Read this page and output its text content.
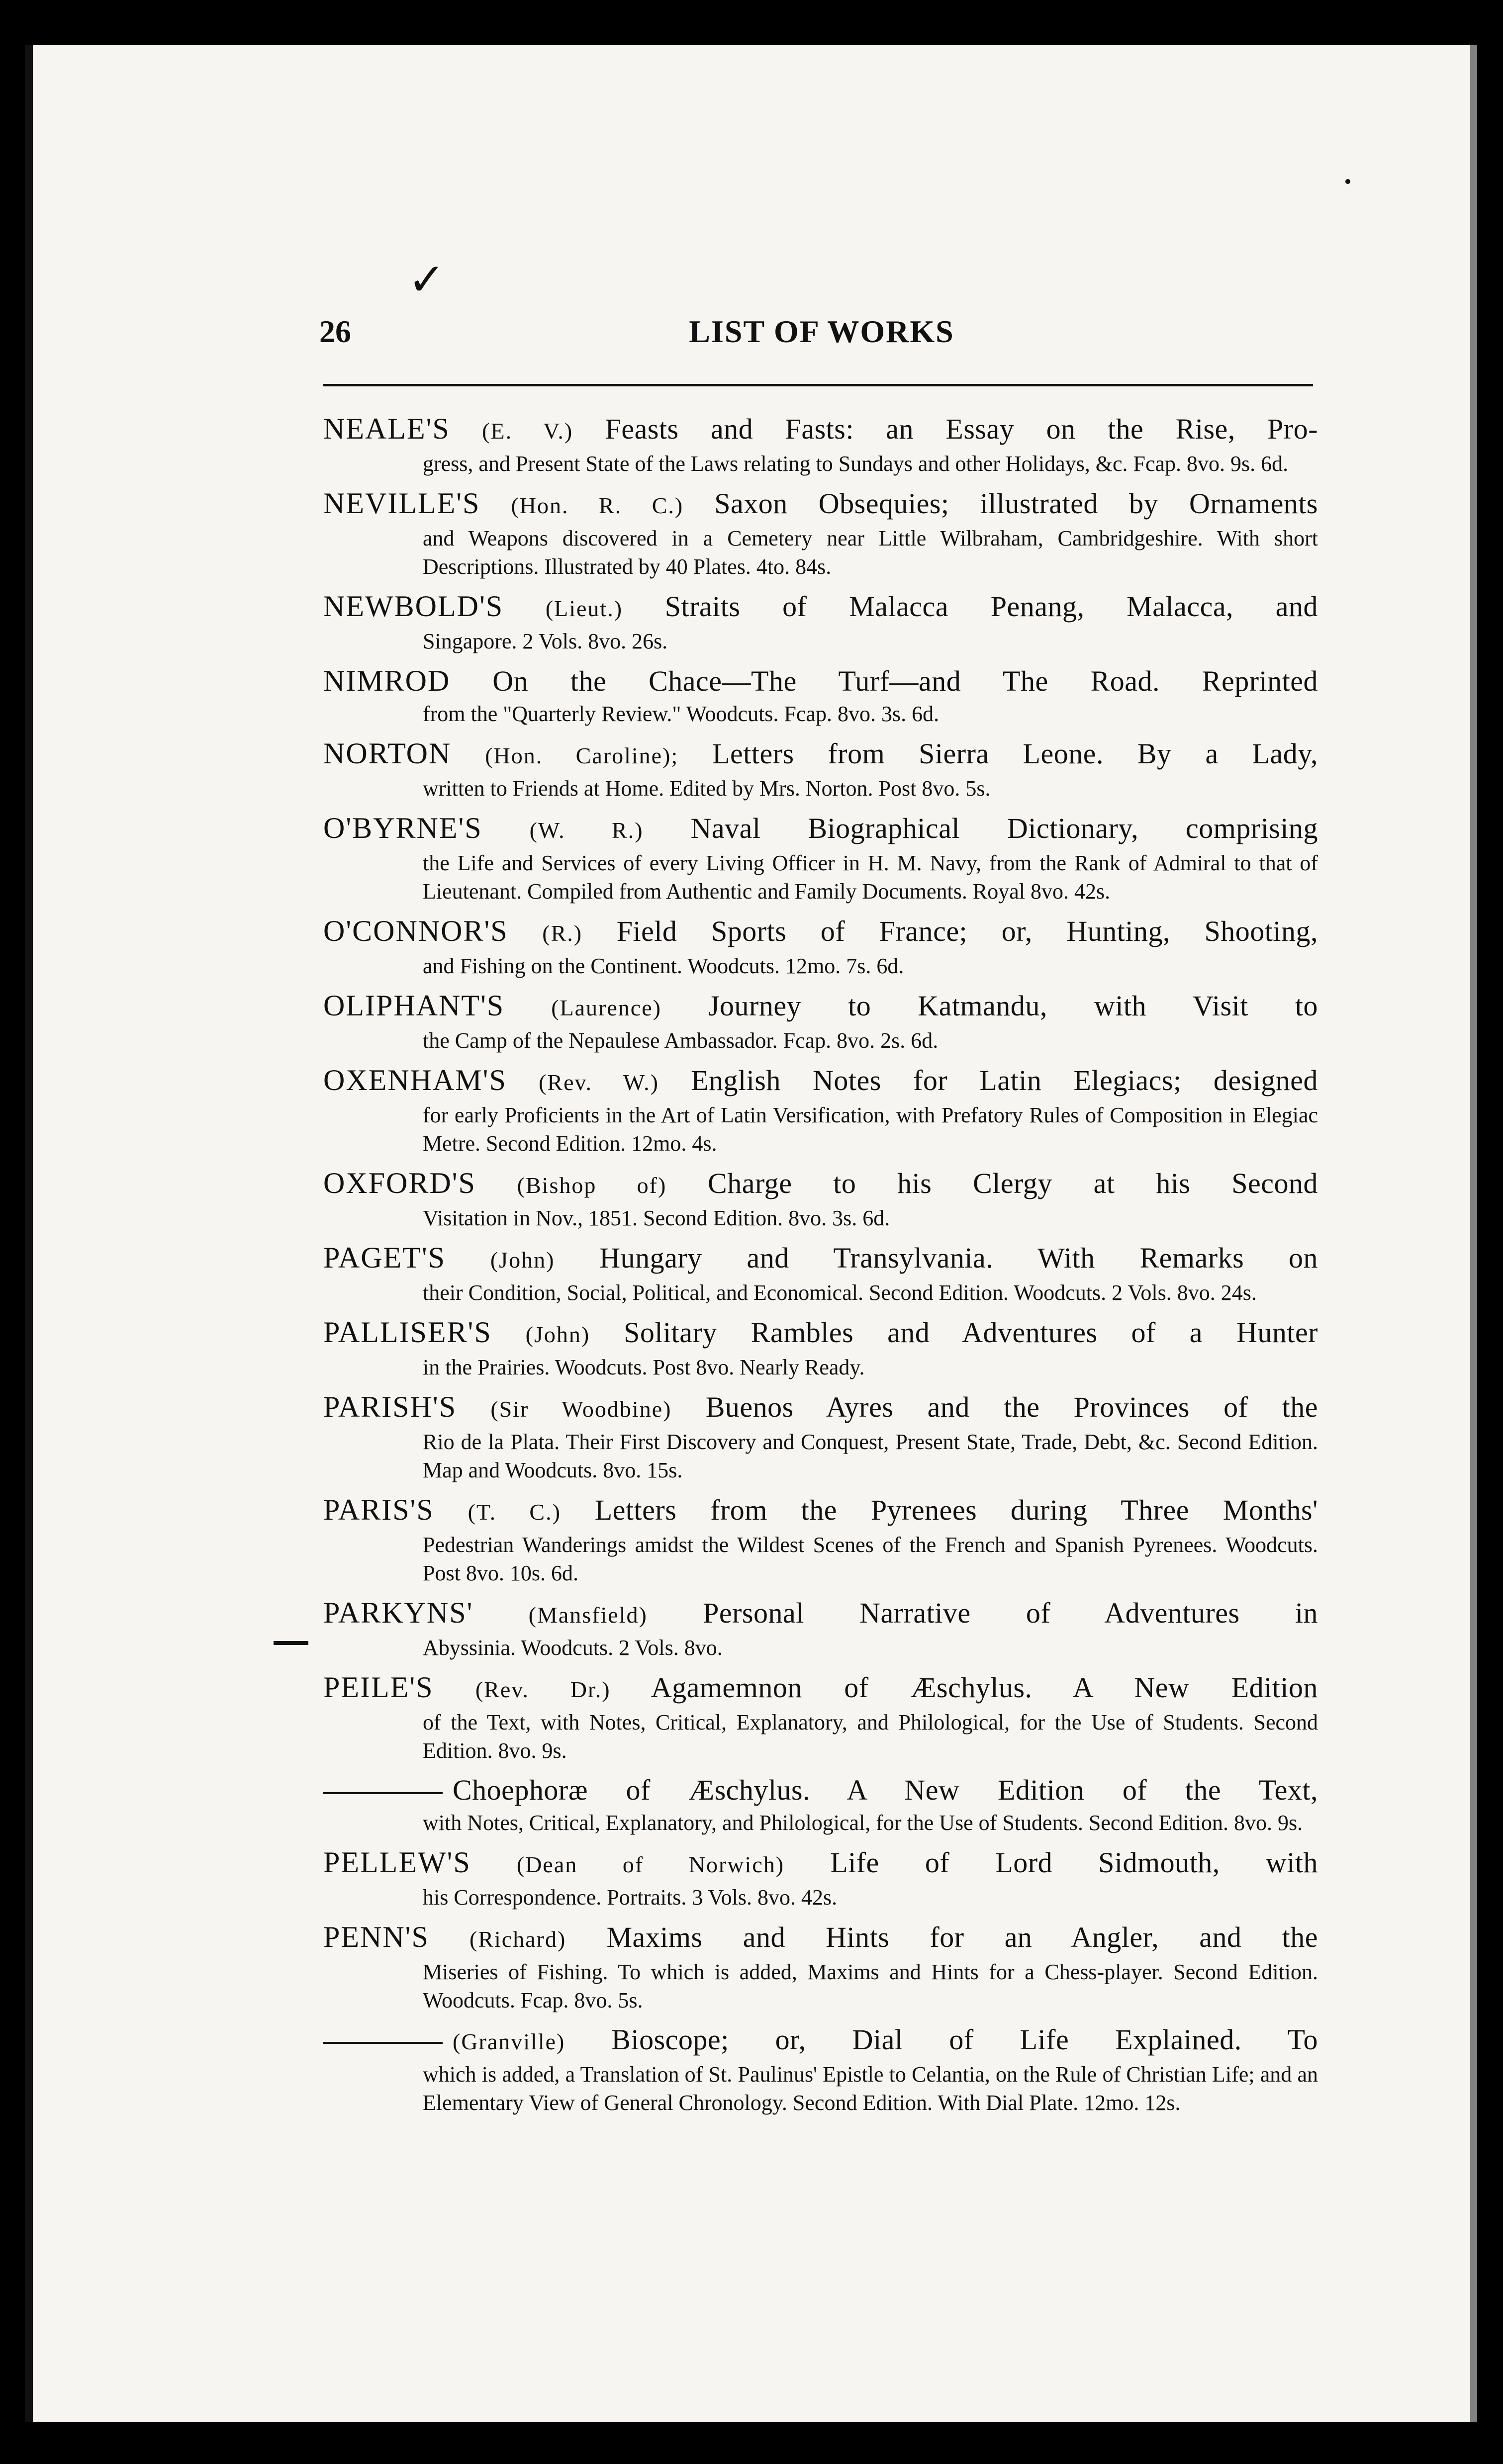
✓
26	LIST OF WORKS
NEALE'S (E. V.) Feasts and Fasts: an Essay on the Rise, Pro-
gress, and Present State of the Laws relating to Sundays and other Holidays, &c. Fcap. 8vo. 9s. 6d.
NEVILLE'S (Hon. R. C.) Saxon Obsequies; illustrated by Ornaments
and Weapons discovered in a Cemetery near Little Wilbraham, Cambridgeshire. With short Descriptions. Illustrated by 40 Plates. 4to. 84s.
NEWBOLD'S (Lieut.) Straits of Malacca Penang, Malacca, and
Singapore. 2 Vols. 8vo. 26s.
NIMROD On the Chace—The Turf—and The Road. Reprinted
from the "Quarterly Review." Woodcuts. Fcap. 8vo. 3s. 6d.
NORTON (Hon. Caroline); Letters from Sierra Leone. By a Lady,
written to Friends at Home. Edited by Mrs. Norton. Post 8vo. 5s.
O'BYRNE'S (W. R.) Naval Biographical Dictionary, comprising
the Life and Services of every Living Officer in H. M. Navy, from the Rank of Admiral to that of Lieutenant. Compiled from Authentic and Family Documents. Royal 8vo. 42s.
O'CONNOR'S (R.) Field Sports of France; or, Hunting, Shooting,
and Fishing on the Continent. Woodcuts. 12mo. 7s. 6d.
OLIPHANT'S (Laurence) Journey to Katmandu, with Visit to
the Camp of the Nepaulese Ambassador. Fcap. 8vo. 2s. 6d.
OXENHAM'S (Rev. W.) English Notes for Latin Elegiacs; designed
for early Proficients in the Art of Latin Versification, with Prefatory Rules of Composition in Elegiac Metre. Second Edition. 12mo. 4s.
OXFORD'S (Bishop of) Charge to his Clergy at his Second
Visitation in Nov., 1851. Second Edition. 8vo. 3s. 6d.
PAGET'S (John) Hungary and Transylvania. With Remarks on
their Condition, Social, Political, and Economical. Second Edition. Woodcuts. 2 Vols. 8vo. 24s.
PALLISER'S (John) Solitary Rambles and Adventures of a Hunter
in the Prairies. Woodcuts. Post 8vo. Nearly Ready.
PARISH'S (Sir Woodbine) Buenos Ayres and the Provinces of the
Rio de la Plata. Their First Discovery and Conquest, Present State, Trade, Debt, &c. Second Edition. Map and Woodcuts. 8vo. 15s.
PARIS'S (T. C.) Letters from the Pyrenees during Three Months'
Pedestrian Wanderings amidst the Wildest Scenes of the French and Spanish Pyrenees. Woodcuts. Post 8vo. 10s. 6d.
PARKYNS' (Mansfield) Personal Narrative of Adventures in
Abyssinia. Woodcuts. 2 Vols. 8vo.
PEILE'S (Rev. Dr.) Agamemnon of Æschylus. A New Edition
of the Text, with Notes, Critical, Explanatory, and Philological, for the Use of Students. Second Edition. 8vo. 9s.
Choephoræ of Æschylus. A New Edition of the Text,
with Notes, Critical, Explanatory, and Philological, for the Use of Students. Second Edition. 8vo. 9s.
PELLEW'S (Dean of Norwich) Life of Lord Sidmouth, with
his Correspondence. Portraits. 3 Vols. 8vo. 42s.
PENN'S (Richard) Maxims and Hints for an Angler, and the
Miseries of Fishing. To which is added, Maxims and Hints for a Chess-player. Second Edition. Woodcuts. Fcap. 8vo. 5s.
(Granville) Bioscope; or, Dial of Life Explained. To
which is added, a Translation of St. Paulinus' Epistle to Celantia, on the Rule of Christian Life; and an Elementary View of General Chronology. Second Edition. With Dial Plate. 12mo. 12s.
